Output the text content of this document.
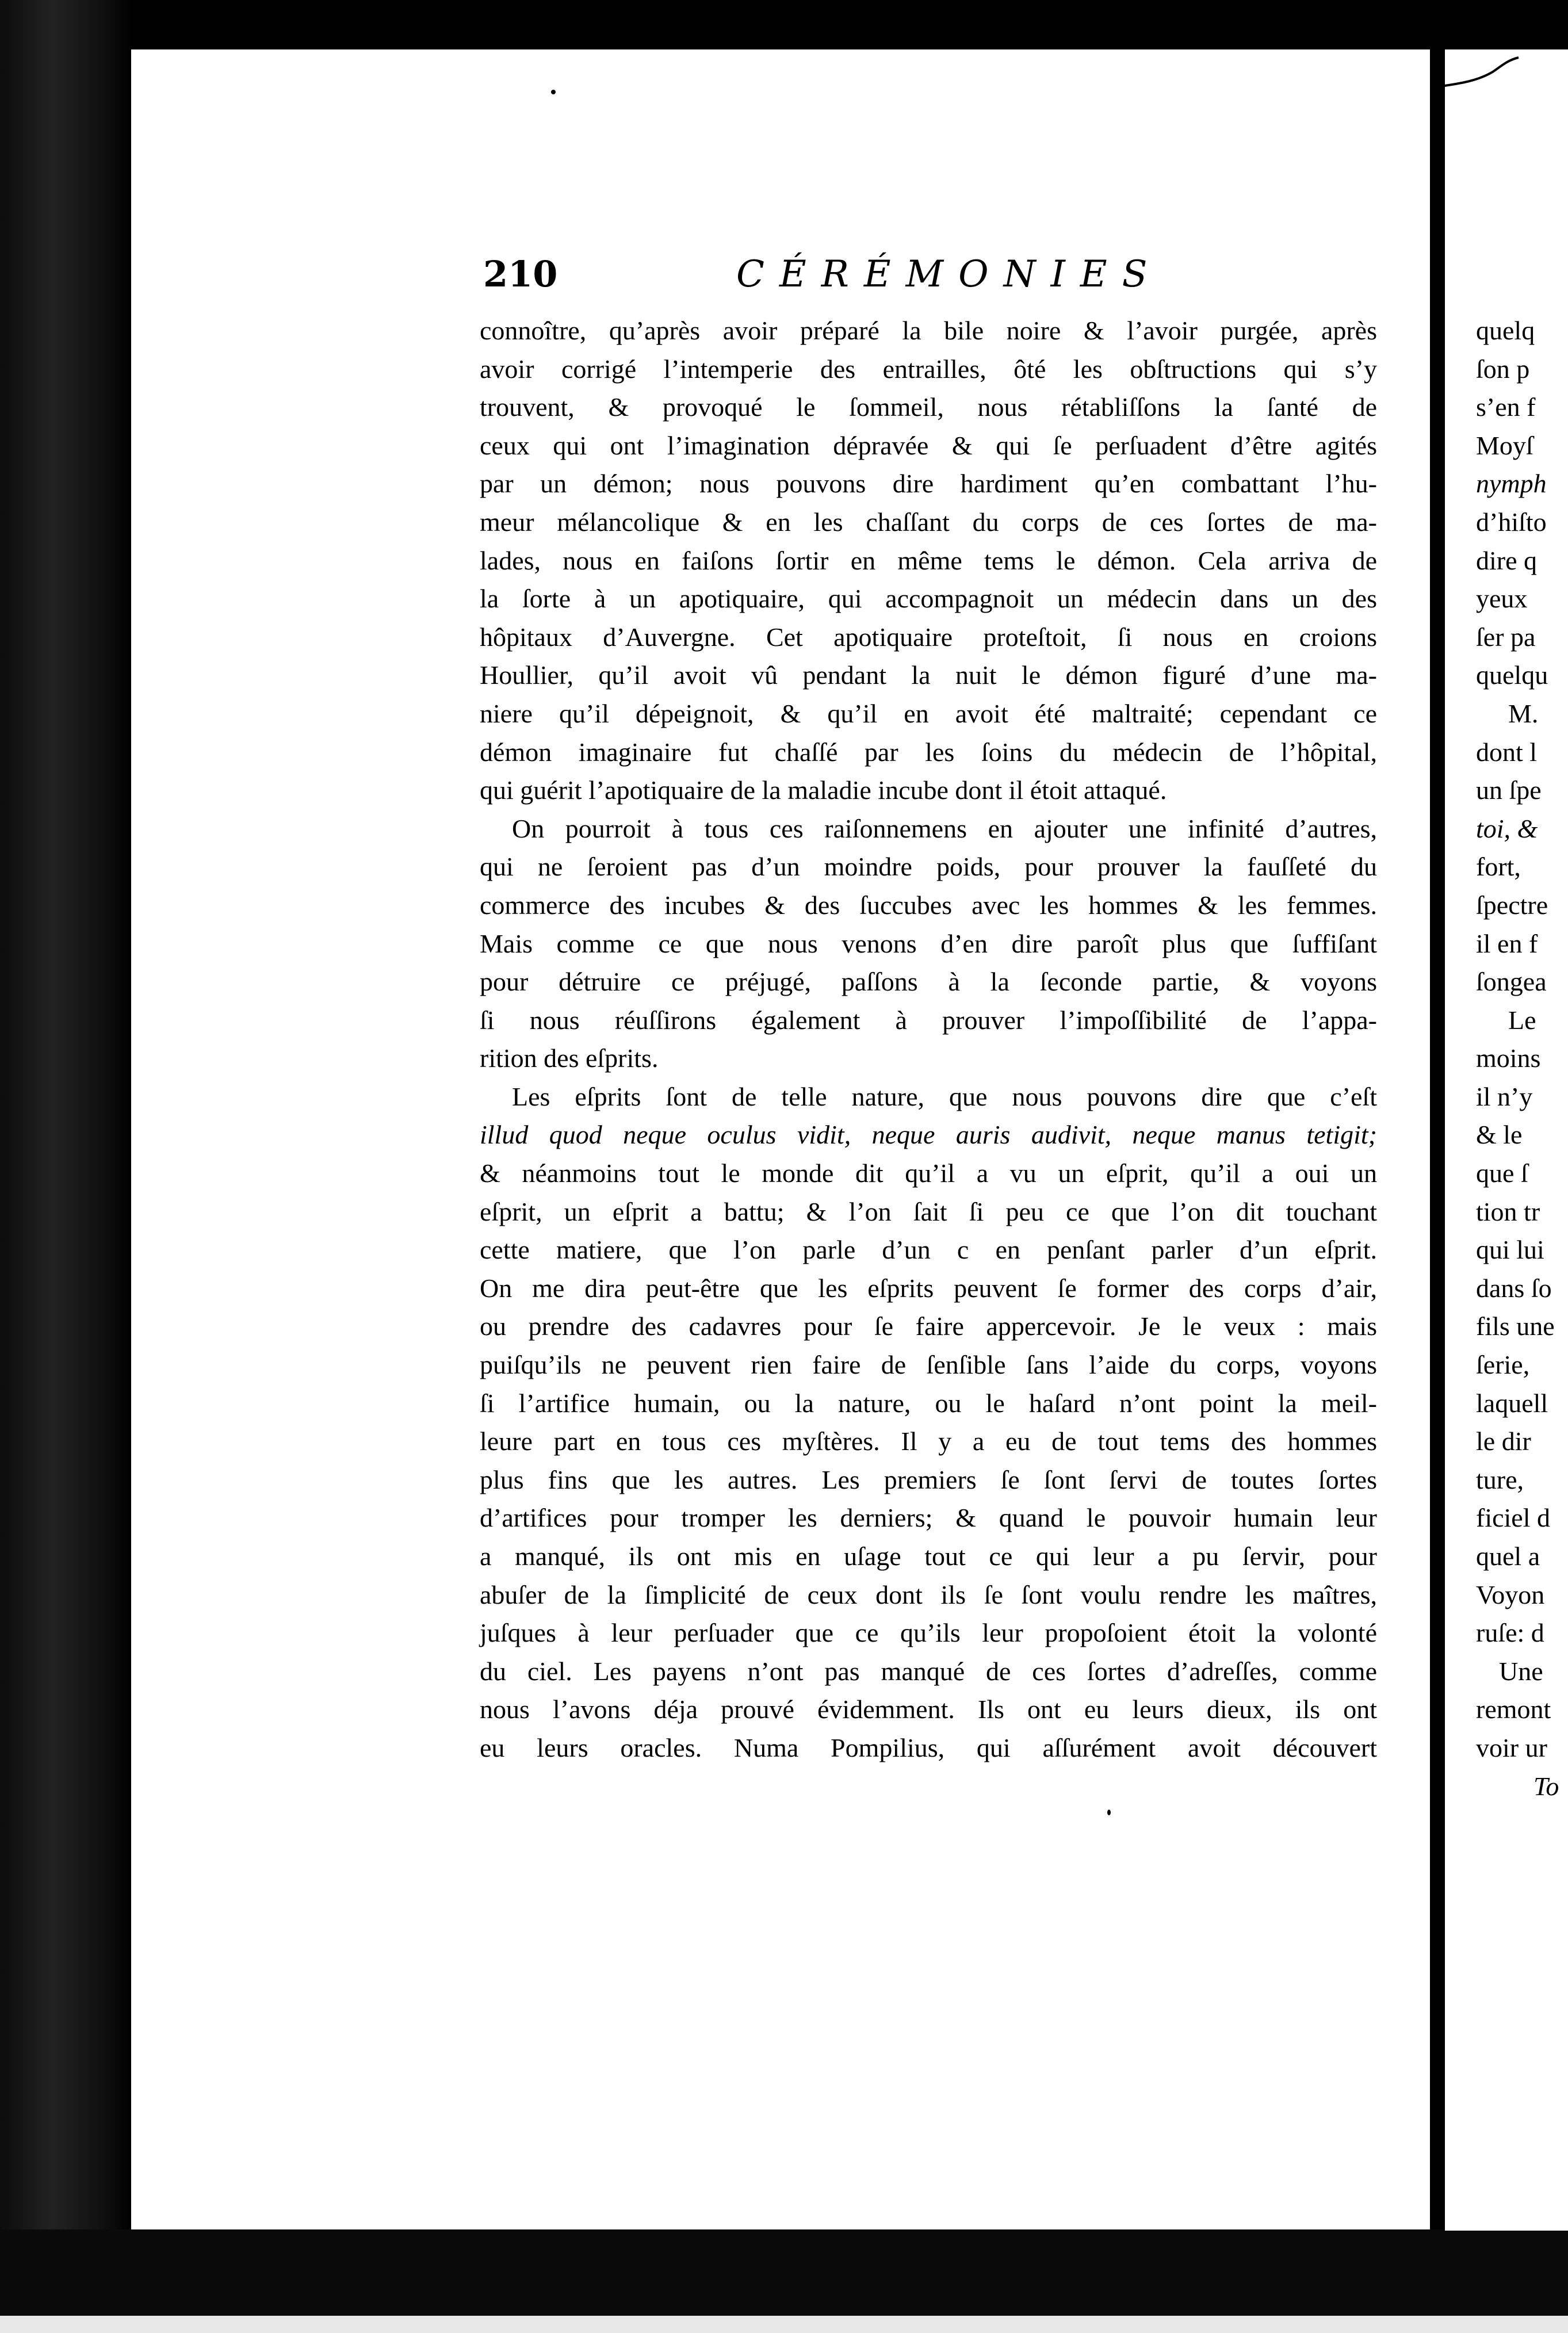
210	CÉRÉMONIES
connoître, qu’après avoir préparé la bile noire & l’avoir purgée, après
avoir corrigé l’intemperie des entrailles, ôté les obſtructions qui s’y
trouvent, & provoqué le ſommeil, nous rétabliſſons la ſanté de
ceux qui ont l’imagination dépravée & qui ſe perſuadent d’être agités
par un démon; nous pouvons dire hardiment qu’en combattant l’hu-
meur mélancolique & en les chaſſant du corps de ces ſortes de ma-
lades, nous en faiſons ſortir en même tems le démon. Cela arriva de
la ſorte à un apotiquaire, qui accompagnoit un médecin dans un des
hôpitaux d’Auvergne. Cet apotiquaire proteſtoit, ſi nous en croions
Houllier, qu’il avoit vû pendant la nuit le démon figuré d’une ma-
niere qu’il dépeignoit, & qu’il en avoit été maltraité; cependant ce
démon imaginaire fut chaſſé par les ſoins du médecin de l’hôpital,
qui guérit l’apotiquaire de la maladie incube dont il étoit attaqué.
On pourroit à tous ces raiſonnemens en ajouter une infinité d’autres,
qui ne ſeroient pas d’un moindre poids, pour prouver la fauſſeté du
commerce des incubes & des ſuccubes avec les hommes & les femmes.
Mais comme ce que nous venons d’en dire paroît plus que ſuffiſant
pour détruire ce préjugé, paſſons à la ſeconde partie, & voyons
ſi nous réuſſirons également à prouver l’impoſſibilité de l’appa-
rition des eſprits.
Les eſprits ſont de telle nature, que nous pouvons dire que c’eſt
illud quod neque oculus vidit, neque auris audivit, neque manus tetigit;
& néanmoins tout le monde dit qu’il a vu un eſprit, qu’il a oui un
eſprit, un eſprit a battu; & l’on ſait ſi peu ce que l’on dit touchant
cette matiere, que l’on parle d’un c en penſant parler d’un eſprit.
On me dira peut-être que les eſprits peuvent ſe former des corps d’air,
ou prendre des cadavres pour ſe faire appercevoir. Je le veux : mais
puiſqu’ils ne peuvent rien faire de ſenſible ſans l’aide du corps, voyons
ſi l’artifice humain, ou la nature, ou le haſard n’ont point la meil-
leure part en tous ces myſtères. Il y a eu de tout tems des hommes
plus fins que les autres. Les premiers ſe ſont ſervi de toutes ſortes
d’artifices pour tromper les derniers; & quand le pouvoir humain leur
a manqué, ils ont mis en uſage tout ce qui leur a pu ſervir, pour
abuſer de la ſimplicité de ceux dont ils ſe ſont voulu rendre les maîtres,
juſques à leur perſuader que ce qu’ils leur propoſoient étoit la volonté
du ciel. Les payens n’ont pas manqué de ces ſortes d’adreſſes, comme
nous l’avons déja prouvé évidemment. Ils ont eu leurs dieux, ils ont
eu leurs oracles. Numa Pompilius, qui aſſurément avoit découvert
quelq
ſon p
s’en f
Moyſ
nymph
d’hiſto
dire q
yeux
ſer pa
quelqu
M.
dont l
un ſpe
toi, &
fort,
ſpectre
il en f
ſongea
Le
moins
il n’y
& le
que ſ
tion tr
qui lui
dans ſo
fils une
ſerie,
laquell
le dir
ture,
ficiel d
quel a
Voyon
ruſe: d
Une
remont
voir ur
To
